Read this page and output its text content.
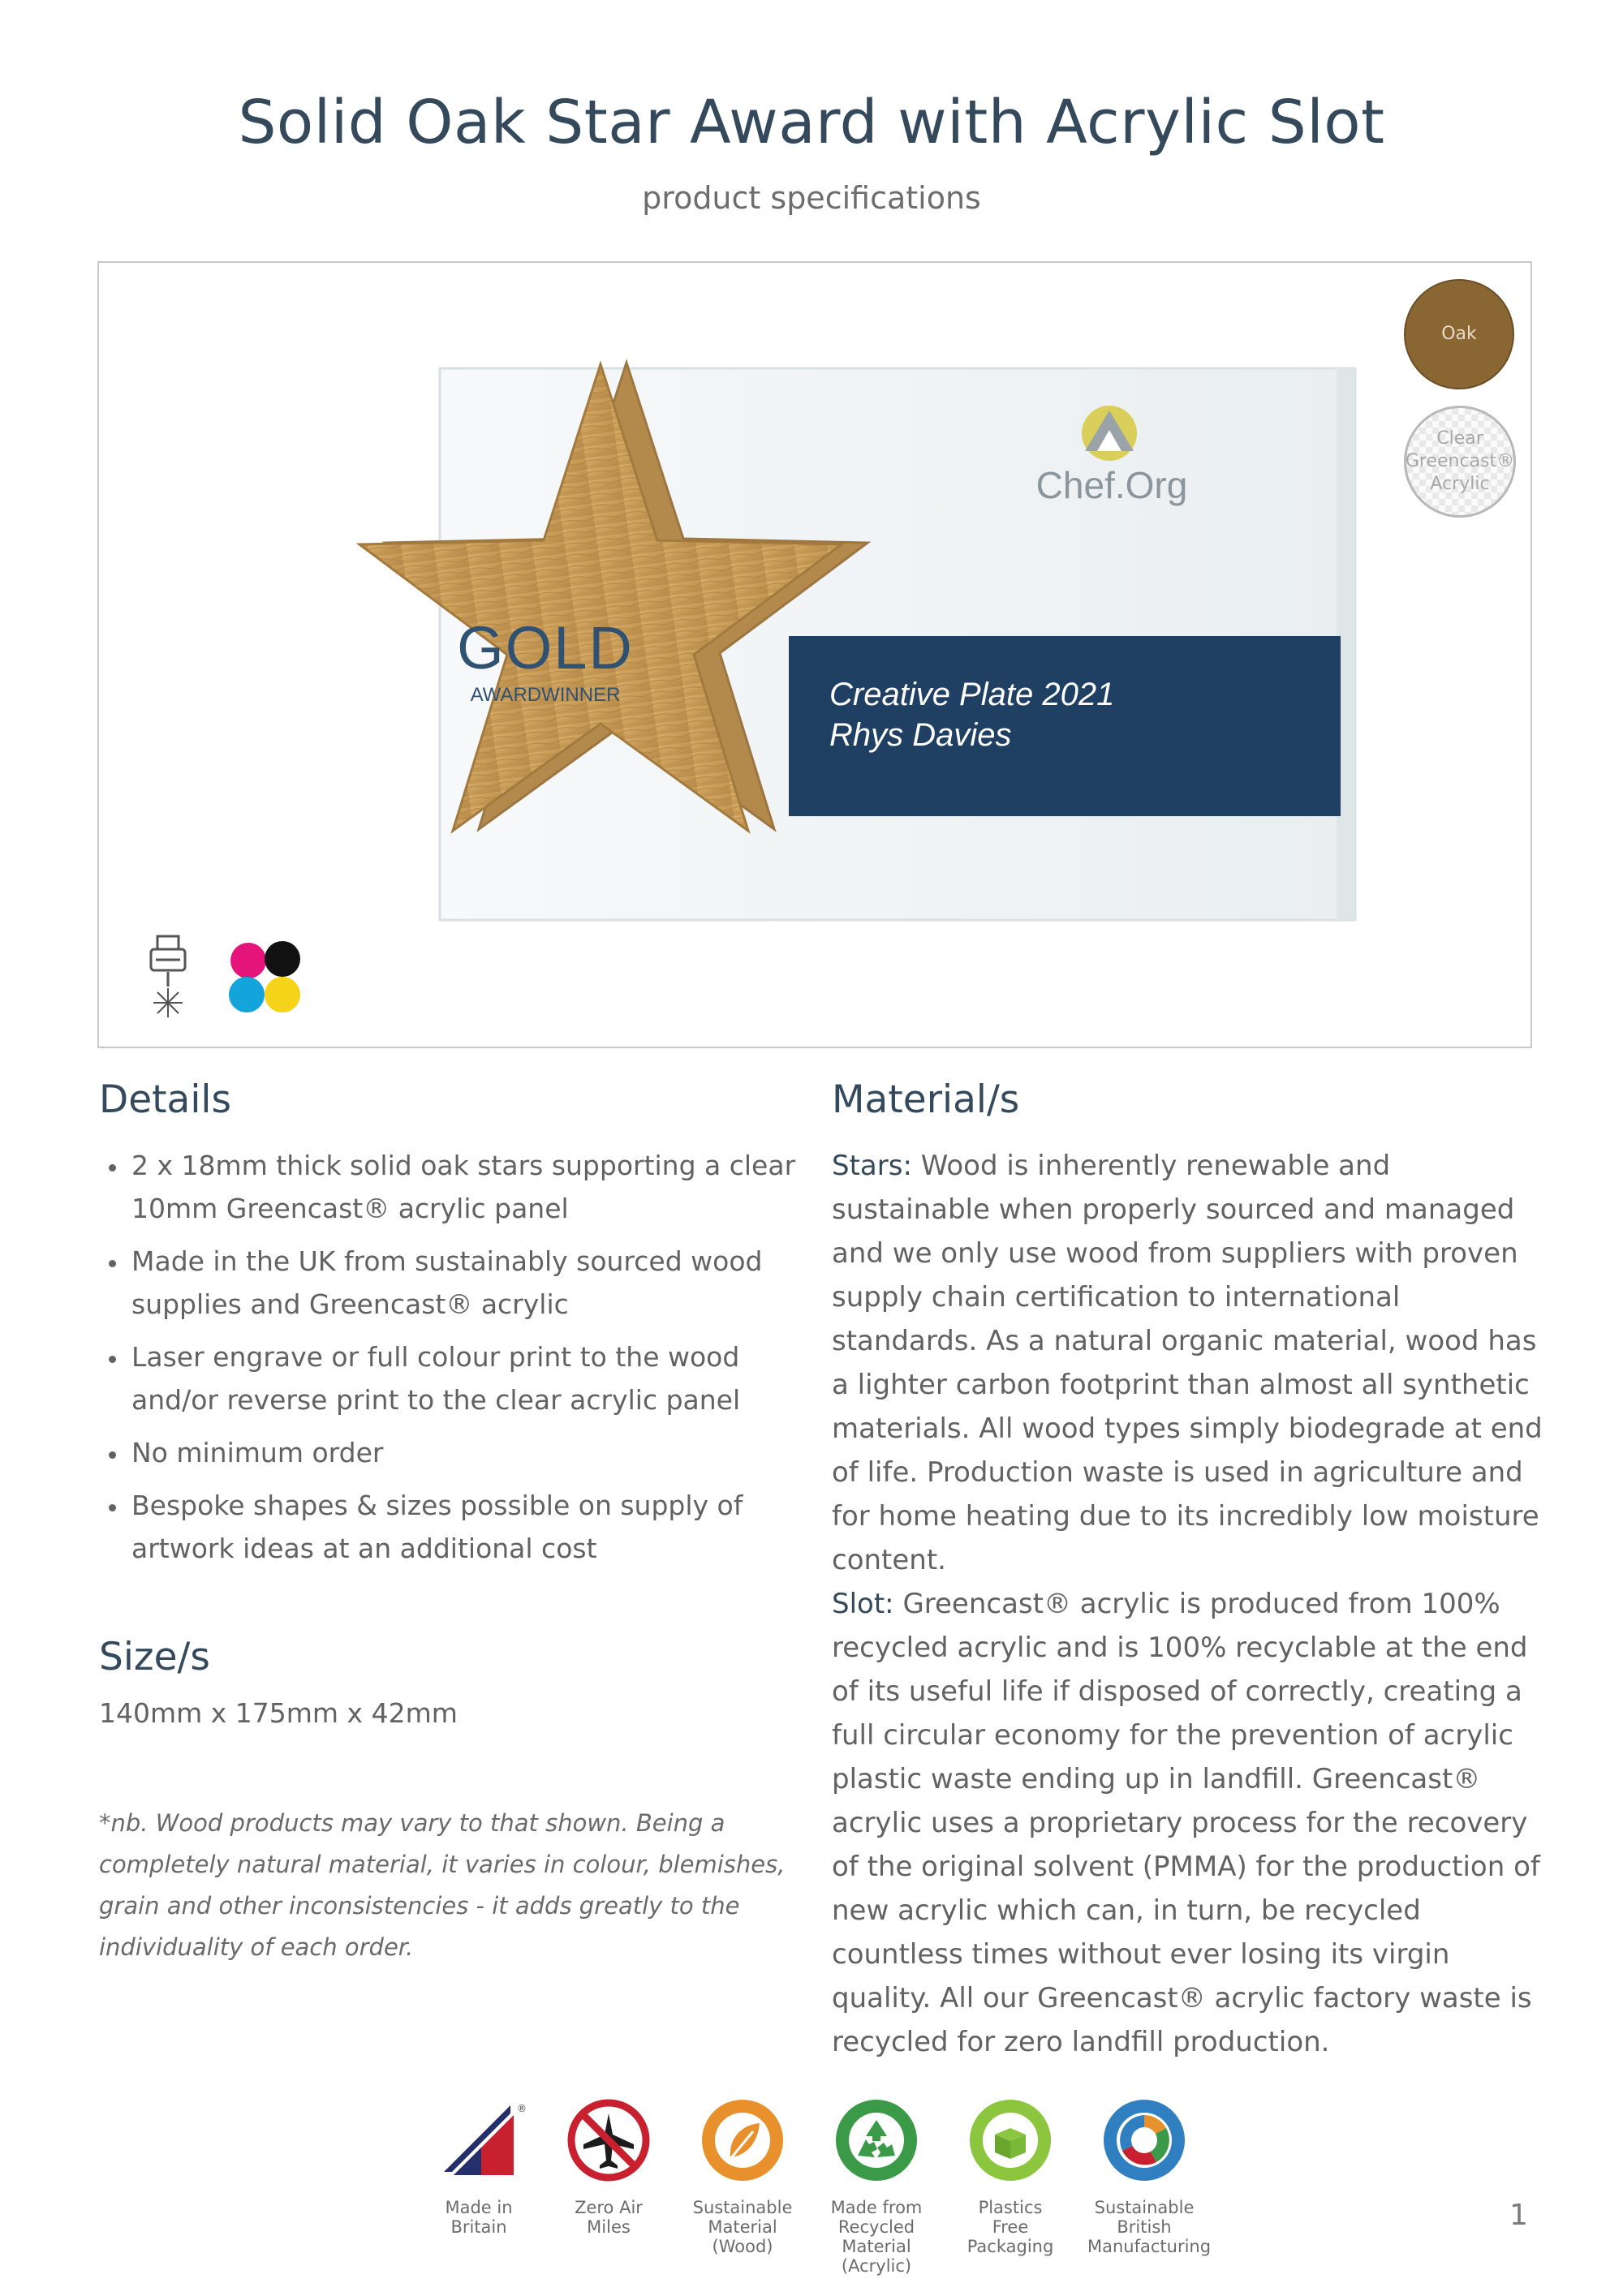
Solid Oak Star Award with Acrylic Slot
product specifications
Chef.Org
Creative Plate 2021
Rhys Davies
GOLD
AWARDWINNER
Oak
Clear
Greencast®
Acrylic
Details
2 x 18mm thick solid oak stars supporting a clear 10mm Greencast® acrylic panel
Made in the UK from sustainably sourced wood supplies and Greencast® acrylic
Laser engrave or full colour print to the wood and/or reverse print to the clear acrylic panel
No minimum order
Bespoke shapes & sizes possible on supply of artwork ideas at an additional cost
Size/s
140mm x 175mm x 42mm
*nb. Wood products may vary to that shown. Being a completely natural material, it varies in colour, blemishes, grain and other inconsistencies - it adds greatly to the individuality of each order.
Material/s

Stars: Wood is inherently renewable and sustainable when properly sourced and managed and we only use wood from suppliers with proven supply chain certification to international standards. As a natural organic material, wood has a lighter carbon footprint than almost all synthetic materials. All wood types simply biodegrade at end of life. Production waste is used in agriculture and for home heating due to its incredibly low moisture content.

Slot: Greencast® acrylic is produced from 100% recycled acrylic and is 100% recyclable at the end of its useful life if disposed of correctly, creating a full circular economy for the prevention of acrylic plastic waste ending up in landfill. Greencast® acrylic uses a proprietary process for the recovery of the original solvent (PMMA) for the production of new acrylic which can, in turn, be recycled countless times without ever losing its virgin quality. All our Greencast® acrylic factory waste is recycled for zero landfill production.

®
Made in
Britain
Zero Air
Miles
Sustainable
Material
(Wood)
Made from
Recycled
Material
(Acrylic)
Plastics
Free
Packaging
Sustainable
British
Manufacturing
1
